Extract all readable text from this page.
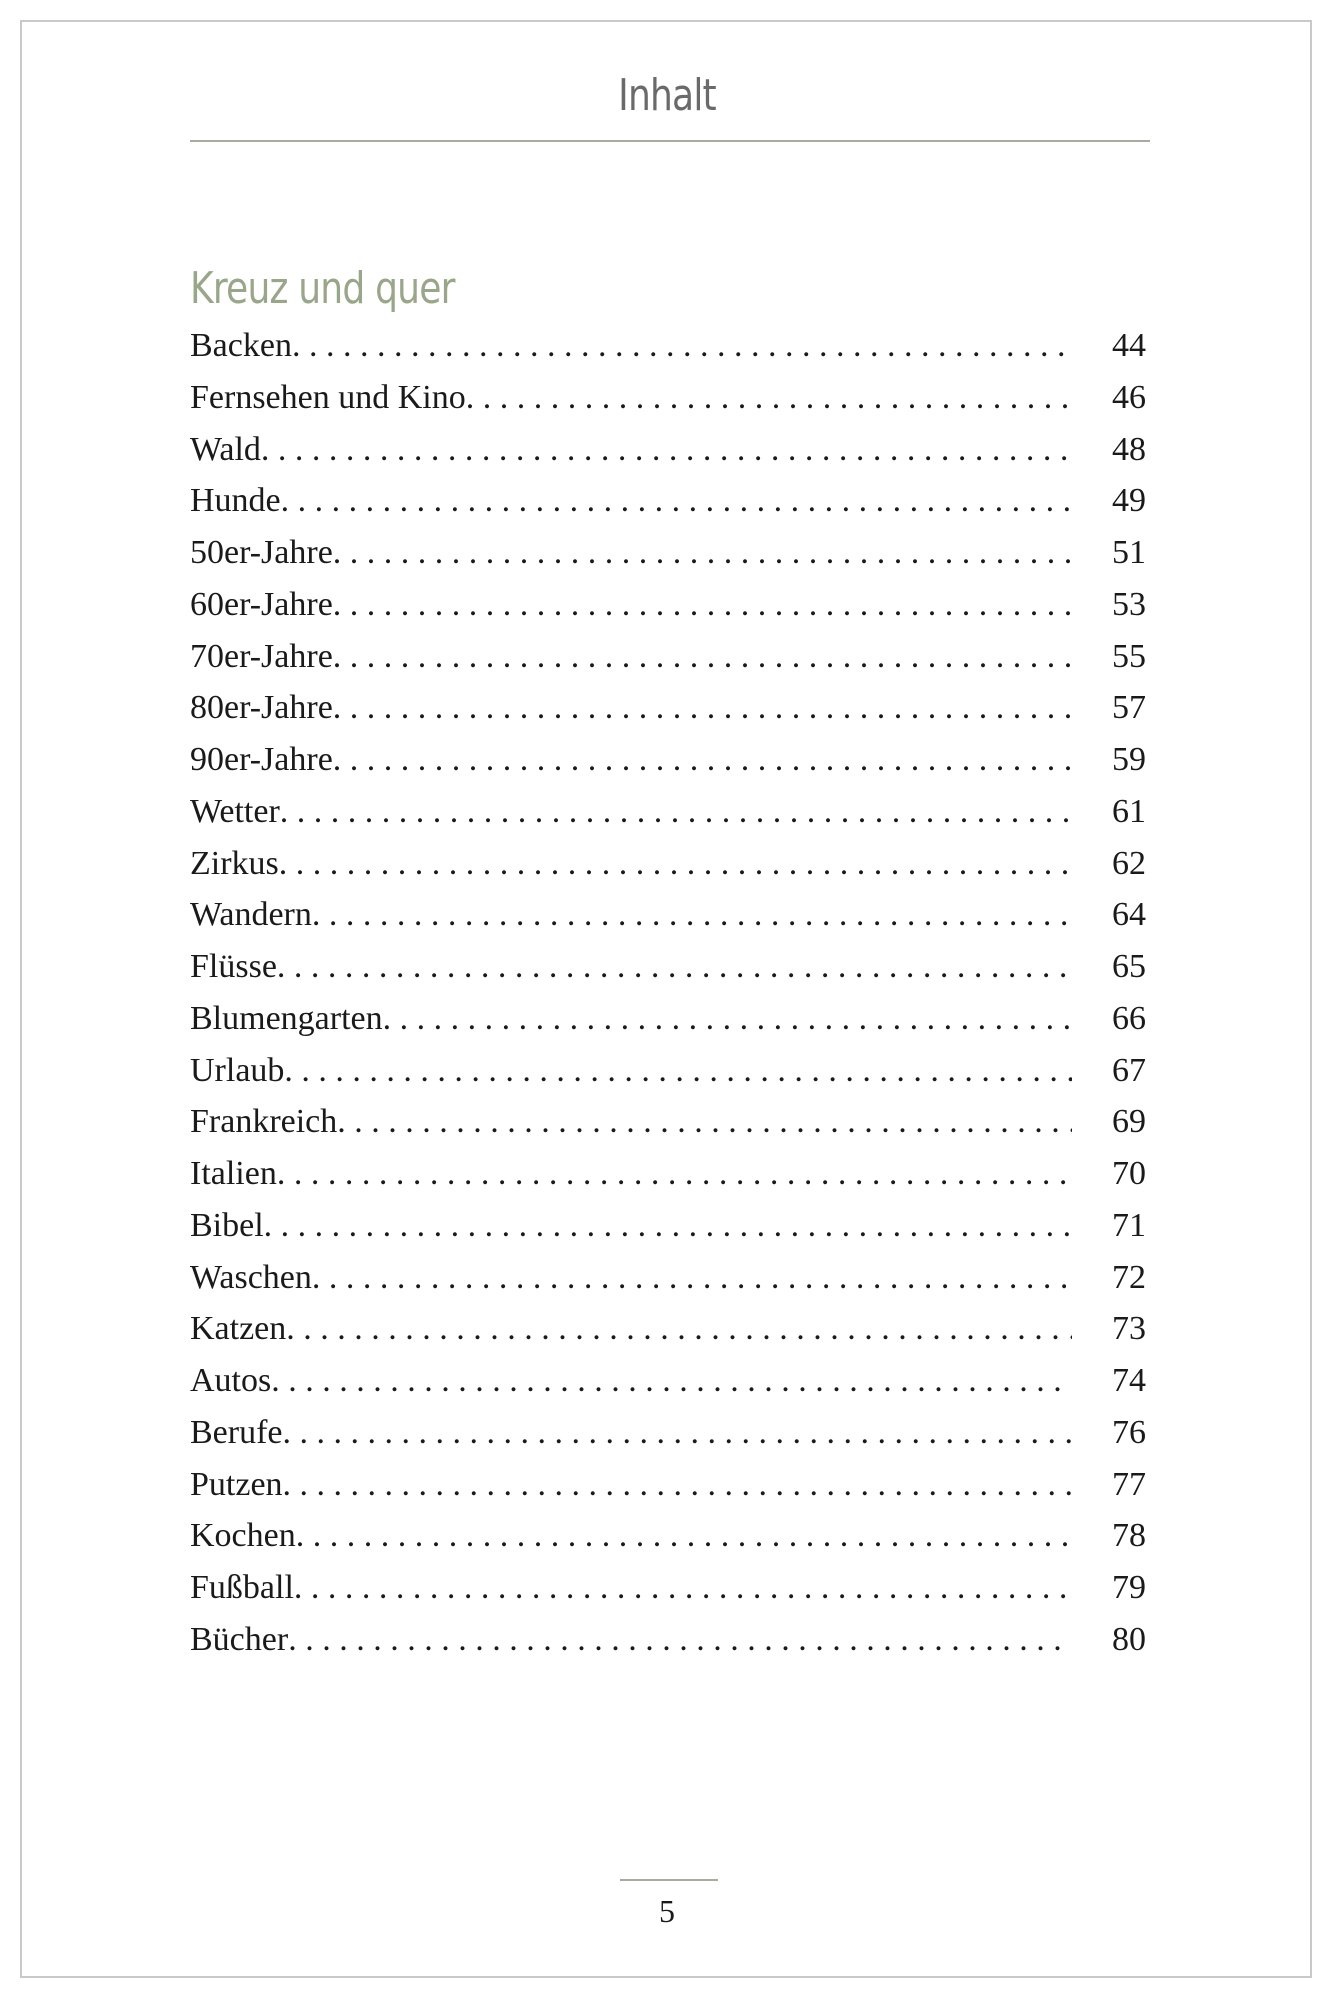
Inhalt
Kreuz und quer
Backen . . .	44
Fernsehen und Kino . . .	46
Wald . . .	48
Hunde . . .	49
50er-Jahre . . .	51
60er-Jahre . . .	53
70er-Jahre . . .	55
80er-Jahre . . .	57
90er-Jahre . . .	59
Wetter . . .	61
Zirkus . . .	62
Wandern . . .	64
Flüsse . . .	65
Blumengarten . . .	66
Urlaub . . .	67
Frankreich . . .	69
Italien . . .	70
Bibel . . .	71
Waschen . . .	72
Katzen . . .	73
Autos . . .	74
Berufe . . .	76
Putzen . . .	77
Kochen . . .	78
Fußball . . .	79
Bücher . . .	80
5
